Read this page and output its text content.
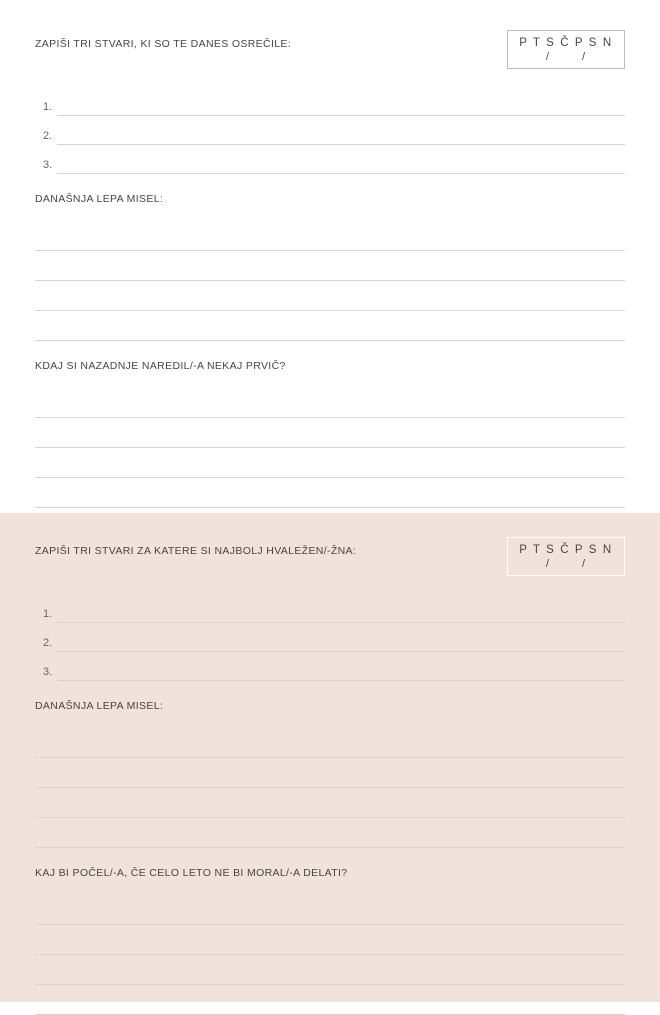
ZAPIŠI TRI STVARI, KI SO TE DANES OSREČILE:	P T S Č P S N
/	/
1.
2.
3.
DANAŠNJA LEPA MISEL:
KDAJ SI NAZADNJE NAREDIL/-A NEKAJ PRVIČ?
ZAPIŠI TRI STVARI ZA KATERE SI NAJBOLJ HVALEŽEN/-ŽNA:	P T S Č P S N
/	/
1.
2.
3.
DANAŠNJA LEPA MISEL:
KAJ BI POČEL/-A, ČE CELO LETO NE BI MORAL/-A DELATI?
